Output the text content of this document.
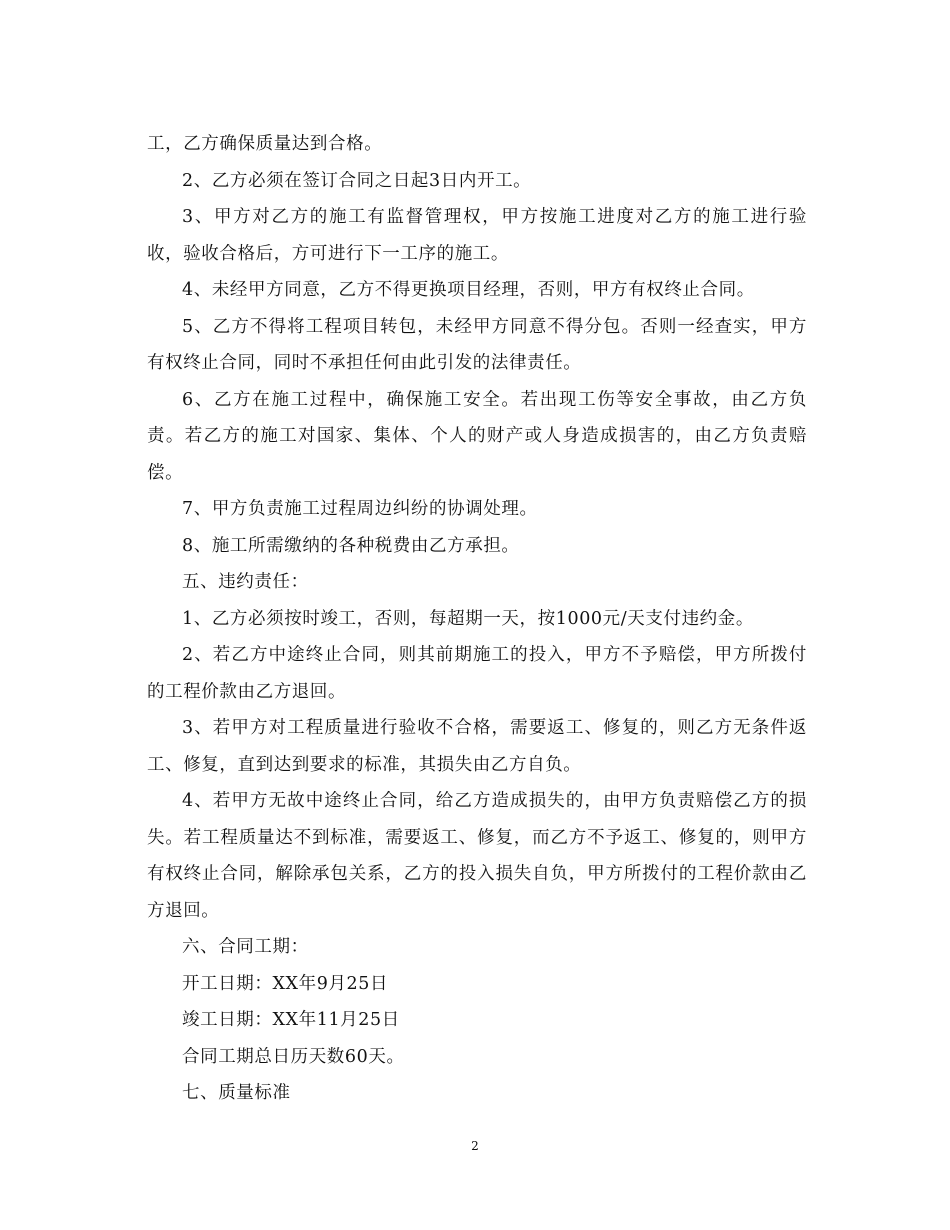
工，乙方确保质量达到合格。

2、乙方必须在签订合同之日起3日内开工。

3、甲方对乙方的施工有监督管理权，甲方按施工进度对乙方的施工进行验收，验收合格后，方可进行下一工序的施工。

4、未经甲方同意，乙方不得更换项目经理，否则，甲方有权终止合同。

5、乙方不得将工程项目转包，未经甲方同意不得分包。否则一经查实，甲方有权终止合同，同时不承担任何由此引发的法律责任。

6、乙方在施工过程中，确保施工安全。若出现工伤等安全事故，由乙方负责。若乙方的施工对国家、集体、个人的财产或人身造成损害的，由乙方负责赔偿。

7、甲方负责施工过程周边纠纷的协调处理。

8、施工所需缴纳的各种税费由乙方承担。

五、违约责任：

1、乙方必须按时竣工，否则，每超期一天，按1000元/天支付违约金。

2、若乙方中途终止合同，则其前期施工的投入，甲方不予赔偿，甲方所拨付的工程价款由乙方退回。

3、若甲方对工程质量进行验收不合格，需要返工、修复的，则乙方无条件返工、修复，直到达到要求的标准，其损失由乙方自负。

4、若甲方无故中途终止合同，给乙方造成损失的，由甲方负责赔偿乙方的损失。若工程质量达不到标准，需要返工、修复，而乙方不予返工、修复的，则甲方有权终止合同，解除承包关系，乙方的投入损失自负，甲方所拨付的工程价款由乙方退回。

六、合同工期：

开工日期：XX年9月25日

竣工日期：XX年11月25日

合同工期总日历天数60天。

七、质量标准

2
